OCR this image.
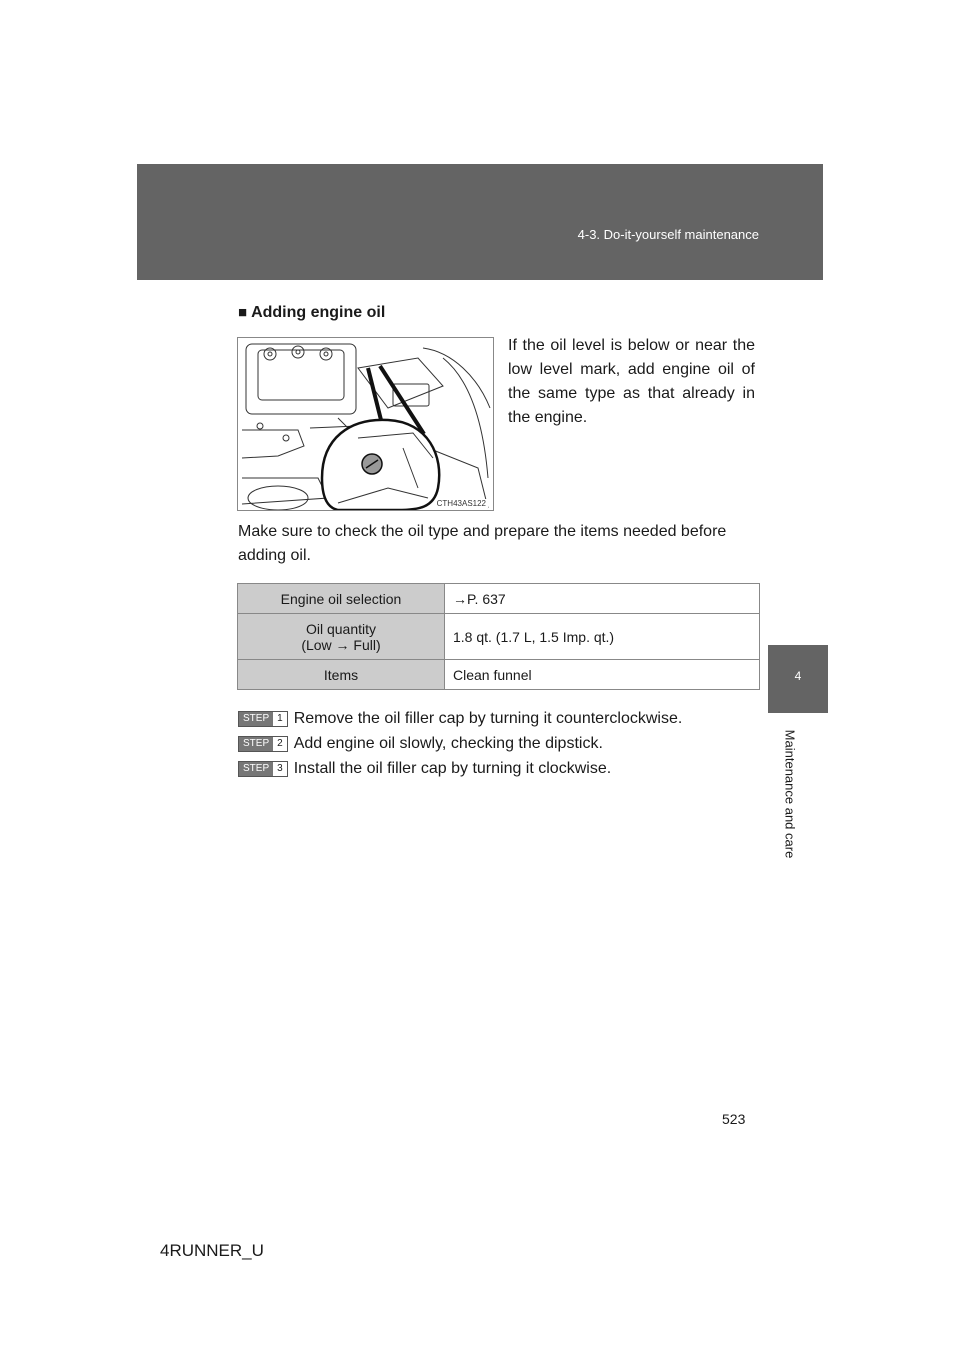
4-3. Do-it-yourself maintenance
4
Maintenance and care
■ Adding engine oil
CTH43AS122
If the oil level is below or near the low level mark, add engine oil of the same type as that already in the engine.
Make sure to check the oil type and prepare the items needed before adding oil.
Engine oil selection	→P. 637

Oil quantity
(Low → Full)	1.8 qt. (1.7 L, 1.5 Imp. qt.)
Items	Clean funnel
STEP 1 Remove the oil filler cap by turning it counterclockwise.
STEP 2 Add engine oil slowly, checking the dipstick.
STEP 3 Install the oil filler cap by turning it clockwise.
523
4RUNNER_U
